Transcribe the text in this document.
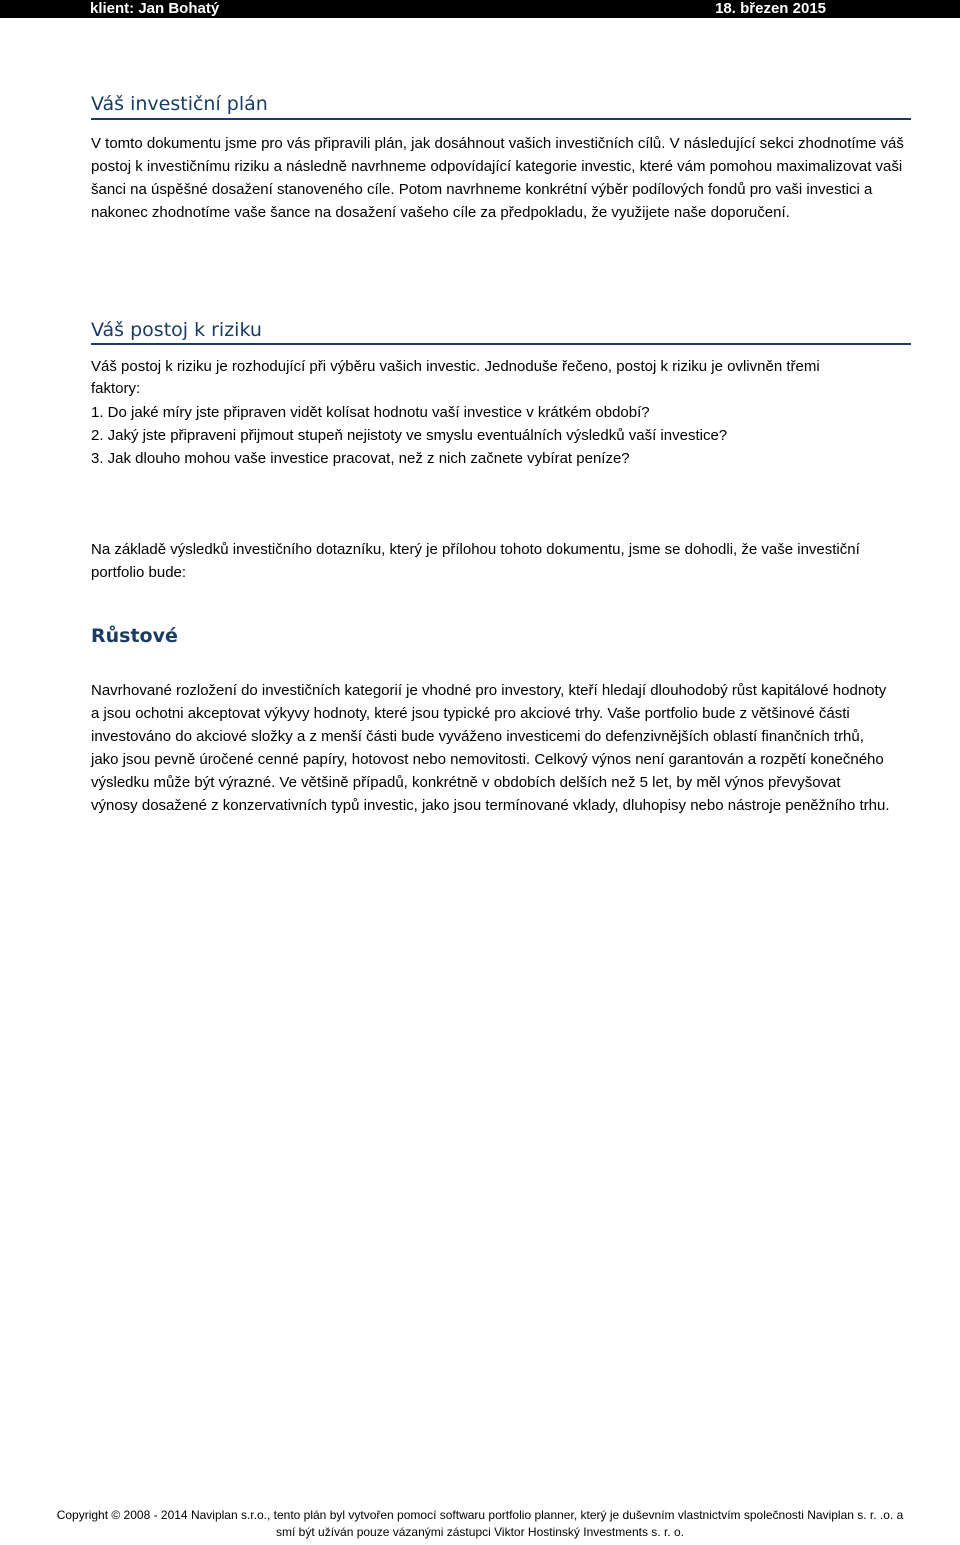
klient: Jan Bohatý	18. březen 2015
Váš investiční plán

V tomto dokumentu jsme pro vás připravili plán, jak dosáhnout vašich investičních cílů. V následující sekci zhodnotíme váš postoj k investičnímu riziku a následně navrhneme odpovídající kategorie investic, které vám pomohou maximalizovat vaši šanci na úspěšné dosažení stanoveného cíle. Potom navrhneme konkrétní výběr podílových fondů pro vaši investici a nakonec zhodnotíme vaše šance na dosažení vašeho cíle za předpokladu, že využijete naše doporučení.

Váš postoj k riziku

Váš postoj k riziku je rozhodující při výběru vašich investic. Jednoduše řečeno, postoj k riziku je ovlivněn třemi faktory:

1. Do jaké míry jste připraven vidět kolísat hodnotu vaší investice v krátkém období?
2. Jaký jste připraveni přijmout stupeň nejistoty ve smyslu eventuálních výsledků vaší investice?
3. Jak dlouho mohou vaše investice pracovat, než z nich začnete vybírat peníze?

Na základě výsledků investičního dotazníku, který je přílohou tohoto dokumentu, jsme se dohodli, že vaše investiční portfolio bude:

Růstové

Navrhované rozložení do investičních kategorií je vhodné pro investory, kteří hledají dlouhodobý růst kapitálové hodnoty a jsou ochotni akceptovat výkyvy hodnoty, které jsou typické pro akciové trhy. Vaše portfolio bude z většinové části investováno do akciové složky a z menší části bude vyváženo investicemi do defenzivnějších oblastí finančních trhů, jako jsou pevně úročené cenné papíry, hotovost nebo nemovitosti. Celkový výnos není garantován a rozpětí konečného výsledku může být výrazné. Ve většině případů, konkrétně v obdobích delších než 5 let, by měl výnos převyšovat výnosy dosažené z konzervativních typů investic, jako jsou termínované vklady, dluhopisy nebo nástroje peněžního trhu.

Copyright © 2008 - 2014 Naviplan s.r.o., tento plán byl vytvořen pomocí softwaru portfolio planner, který je duševním vlastnictvím společnosti Naviplan s. r. .o. a
smí být užíván pouze vázanými zástupci Viktor Hostinský Investments s. r. o.
